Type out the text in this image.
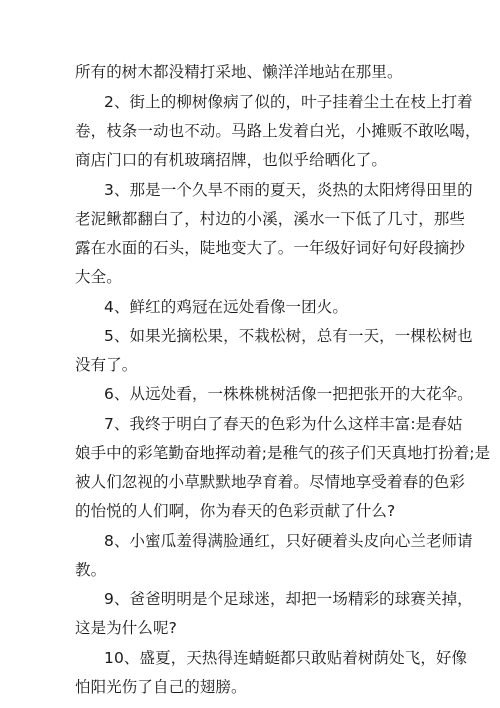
所有的树木都没精打采地、懒洋洋地站在那里。
2、街上的柳树像病了似的，叶子挂着尘土在枝上打着
卷，枝条一动也不动。马路上发着白光，小摊贩不敢吆喝，
商店门口的有机玻璃招牌，也似乎给晒化了。
3、那是一个久旱不雨的夏天，炎热的太阳烤得田里的
老泥鳅都翻白了，村边的小溪，溪水一下低了几寸，那些
露在水面的石头，陡地变大了。一年级好词好句好段摘抄
大全。
4、鲜红的鸡冠在远处看像一团火。
5、如果光摘松果，不栽松树，总有一天，一棵松树也
没有了。
6、从远处看，一株株桃树活像一把把张开的大花伞。
7、我终于明白了春天的色彩为什么这样丰富:是春姑
娘手中的彩笔勤奋地挥动着;是稚气的孩子们天真地打扮着;是
被人们忽视的小草默默地孕育着。尽情地享受着春的色彩
的怡悦的人们啊，你为春天的色彩贡献了什么?
8、小蜜瓜羞得满脸通红，只好硬着头皮向心兰老师请
教。
9、爸爸明明是个足球迷，却把一场精彩的球赛关掉，
这是为什么呢?
10、盛夏，天热得连蜻蜓都只敢贴着树荫处飞，好像
怕阳光伤了自己的翅膀。
